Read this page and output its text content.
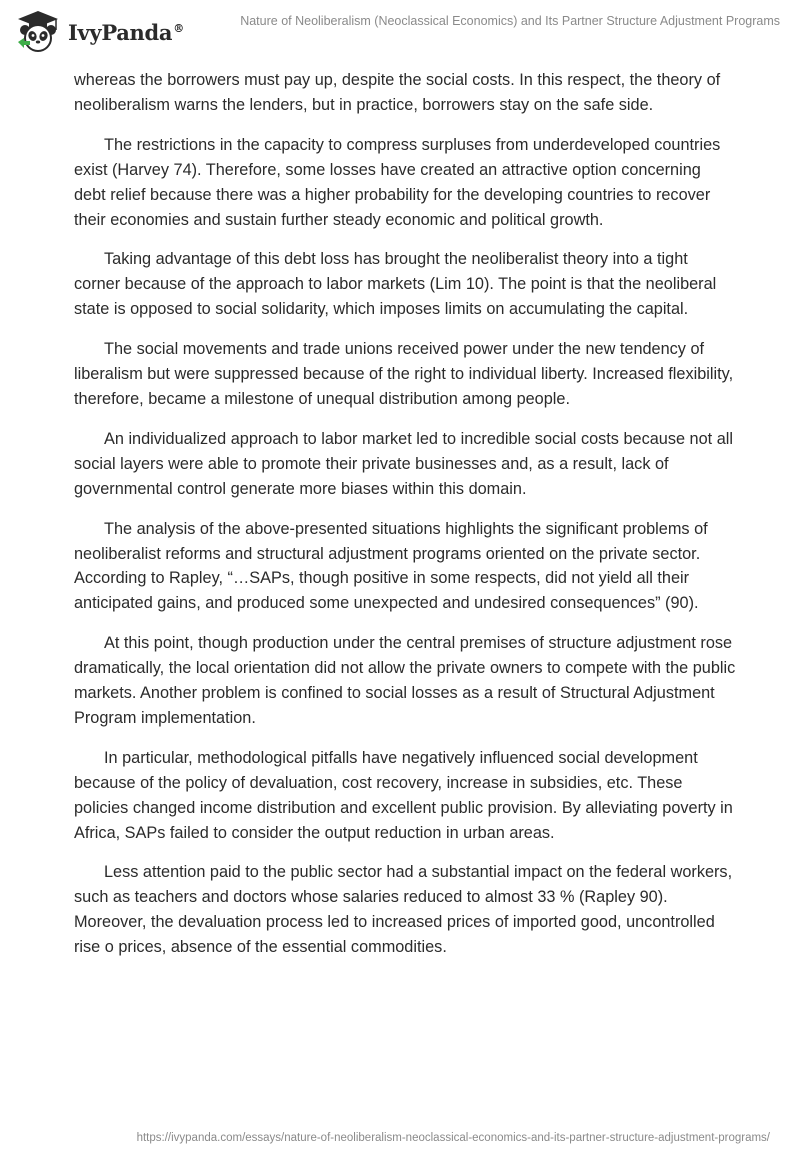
IvyPanda®	Nature of Neoliberalism (Neoclassical Economics) and Its Partner Structure Adjustment Programs

whereas the borrowers must pay up, despite the social costs. In this respect, the theory of neoliberalism warns the lenders, but in practice, borrowers stay on the safe side.

The restrictions in the capacity to compress surpluses from underdeveloped countries exist (Harvey 74). Therefore, some losses have created an attractive option concerning debt relief because there was a higher probability for the developing countries to recover their economies and sustain further steady economic and political growth.

Taking advantage of this debt loss has brought the neoliberalist theory into a tight corner because of the approach to labor markets (Lim 10). The point is that the neoliberal state is opposed to social solidarity, which imposes limits on accumulating the capital.

The social movements and trade unions received power under the new tendency of liberalism but were suppressed because of the right to individual liberty. Increased flexibility, therefore, became a milestone of unequal distribution among people.

An individualized approach to labor market led to incredible social costs because not all social layers were able to promote their private businesses and, as a result, lack of governmental control generate more biases within this domain.

The analysis of the above-presented situations highlights the significant problems of neoliberalist reforms and structural adjustment programs oriented on the private sector. According to Rapley, “…SAPs, though positive in some respects, did not yield all their anticipated gains, and produced some unexpected and undesired consequences” (90).

At this point, though production under the central premises of structure adjustment rose dramatically, the local orientation did not allow the private owners to compete with the public markets. Another problem is confined to social losses as a result of Structural Adjustment Program implementation.

In particular, methodological pitfalls have negatively influenced social development because of the policy of devaluation, cost recovery, increase in subsidies, etc. These policies changed income distribution and excellent public provision. By alleviating poverty in Africa, SAPs failed to consider the output reduction in urban areas.

Less attention paid to the public sector had a substantial impact on the federal workers, such as teachers and doctors whose salaries reduced to almost 33 % (Rapley 90). Moreover, the devaluation process led to increased prices of imported good, uncontrolled rise o prices, absence of the essential commodities.

https://ivypanda.com/essays/nature-of-neoliberalism-neoclassical-economics-and-its-partner-structure-adjustment-programs/
